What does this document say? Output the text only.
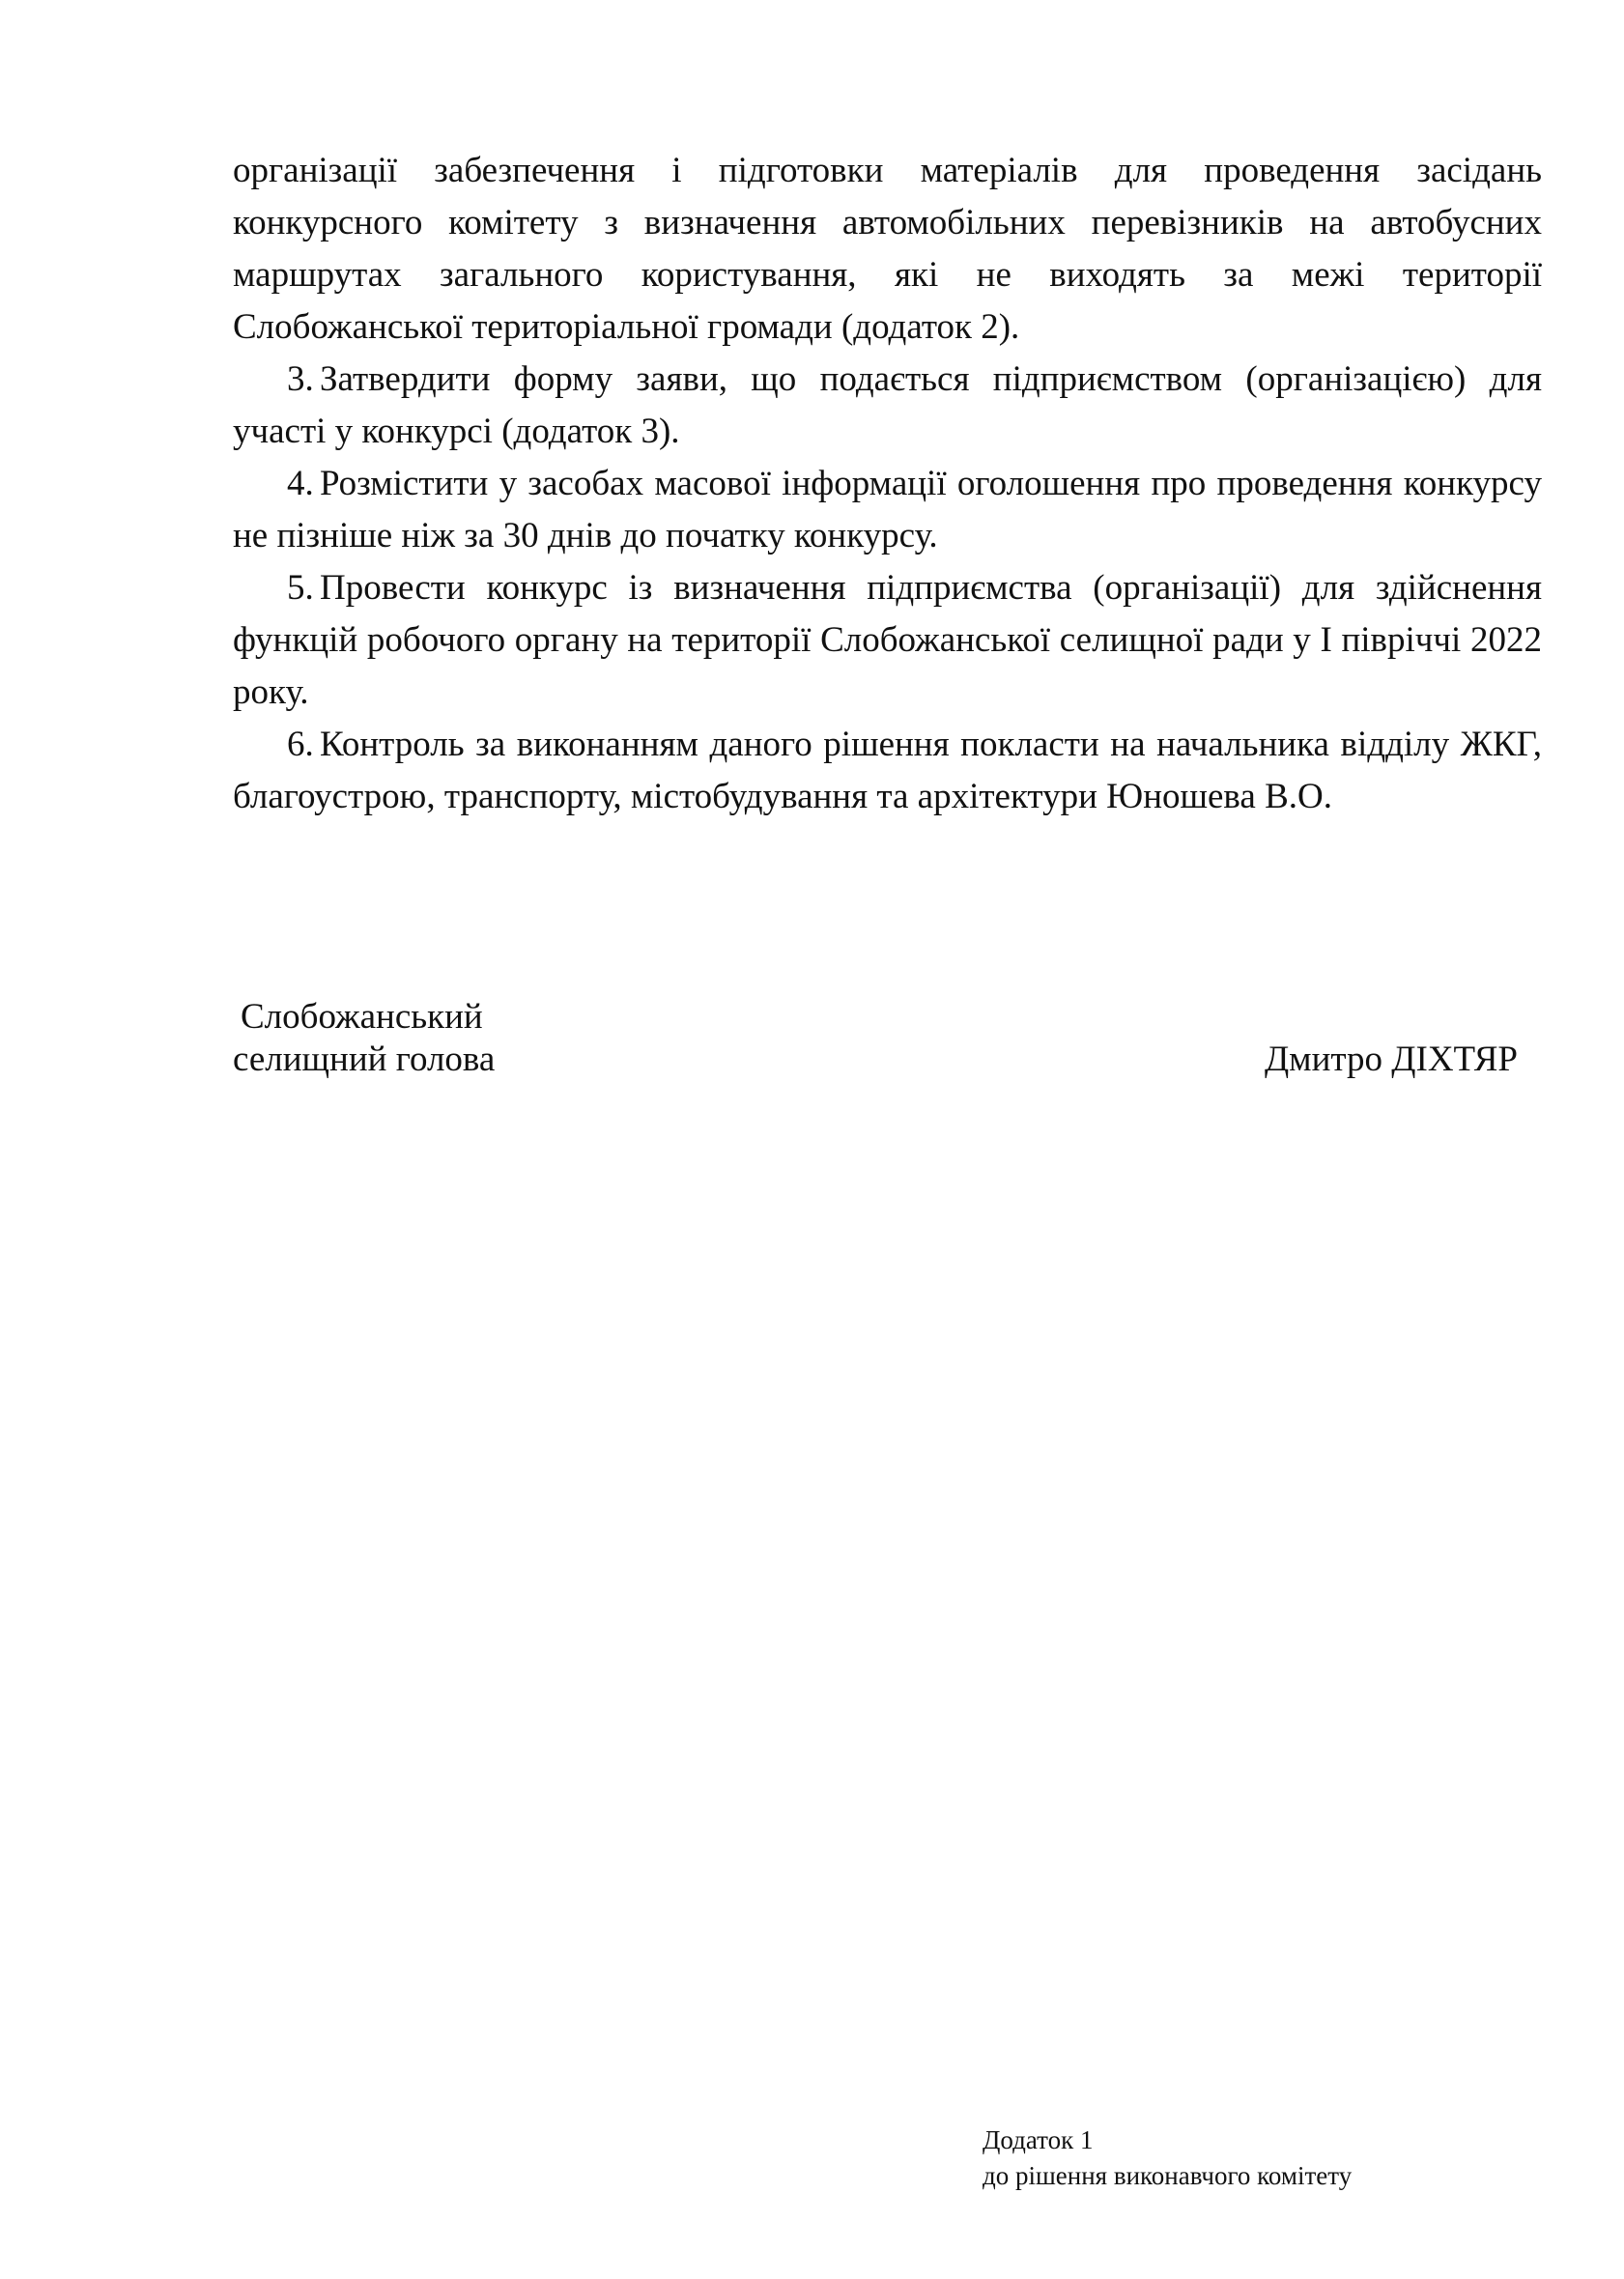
організації забезпечення і підготовки матеріалів для проведення засідань конкурсного комітету з визначення автомобільних перевізників на автобусних маршрутах загального користування, які не виходять за межі території Слобожанської територіальної громади (додаток 2).

3. Затвердити форму заяви, що подається підприємством (організацією) для участі у конкурсі (додаток 3).

4. Розмістити у засобах масової інформації оголошення про проведення конкурсу не пізніше ніж за 30 днів до початку конкурсу.

5. Провести конкурс із визначення підприємства (організації) для здійснення функцій робочого органу на території Слобожанської селищної ради у І півріччі 2022 року.

6. Контроль за виконанням даного рішення покласти на начальника відділу ЖКГ, благоустрою, транспорту, містобудування та архітектури Юношева В.О.

Слобожанський
селищний голова	Дмитро ДІХТЯР
Додаток 1
до рішення виконавчого комітету
